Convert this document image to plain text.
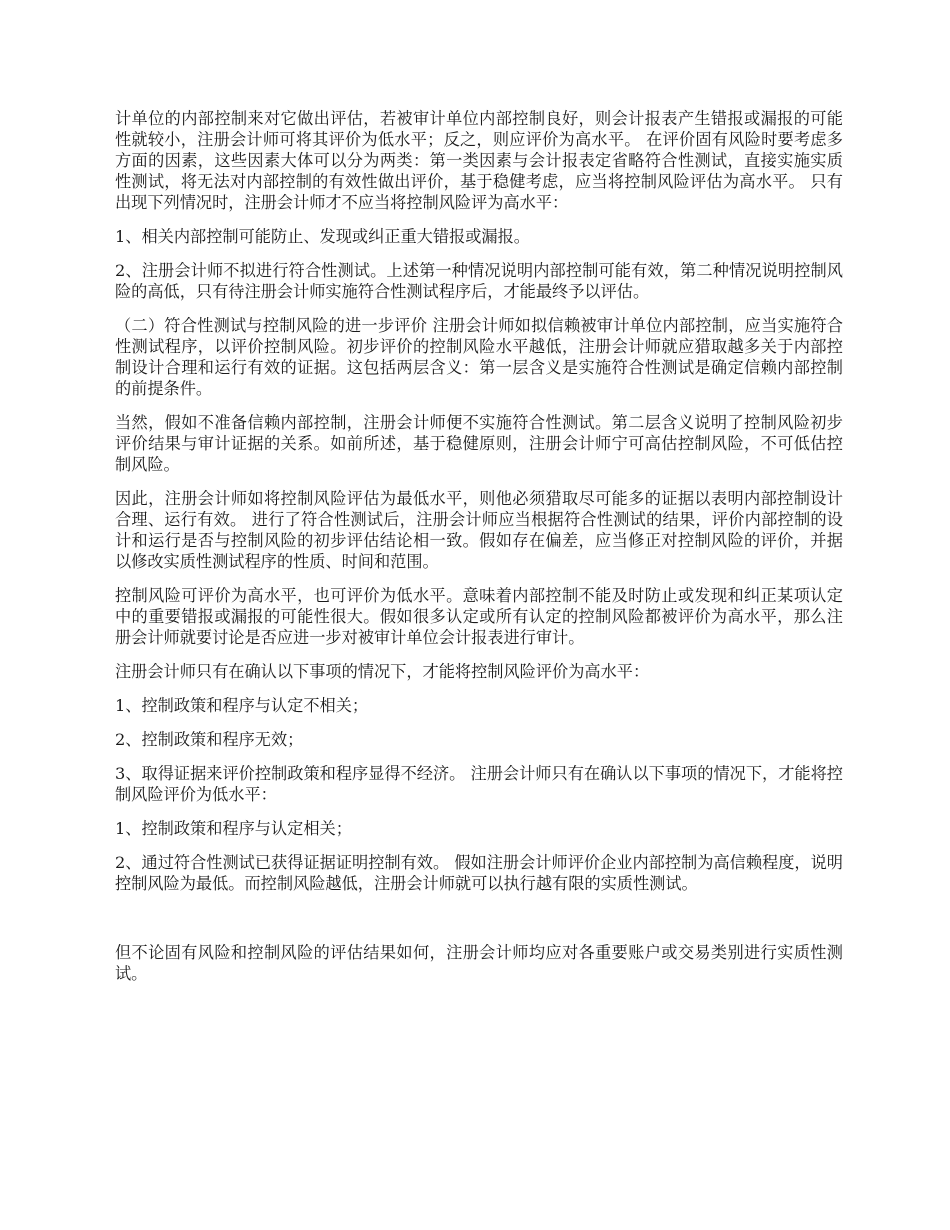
计单位的内部控制来对它做出评估，若被审计单位内部控制良好，则会计报表产生错报或漏报的可能性就较小，注册会计师可将其评价为低水平；反之，则应评价为高水平。 在评价固有风险时要考虑多方面的因素，这些因素大体可以分为两类：第一类因素与会计报表定省略符合性测试，直接实施实质性测试，将无法对内部控制的有效性做出评价，基于稳健考虑，应当将控制风险评估为高水平。 只有出现下列情况时，注册会计师才不应当将控制风险评为高水平：

1、相关内部控制可能防止、发现或纠正重大错报或漏报。

2、注册会计师不拟进行符合性测试。上述第一种情况说明内部控制可能有效，第二种情况说明控制风险的高低，只有待注册会计师实施符合性测试程序后，才能最终予以评估。

（二）符合性测试与控制风险的进一步评价 注册会计师如拟信赖被审计单位内部控制，应当实施符合性测试程序，以评价控制风险。初步评价的控制风险水平越低，注册会计师就应猎取越多关于内部控制设计合理和运行有效的证据。这包括两层含义：第一层含义是实施符合性测试是确定信赖内部控制的前提条件。

当然，假如不准备信赖内部控制，注册会计师便不实施符合性测试。第二层含义说明了控制风险初步评价结果与审计证据的关系。如前所述，基于稳健原则，注册会计师宁可高估控制风险，不可低估控制风险。

因此，注册会计师如将控制风险评估为最低水平，则他必须猎取尽可能多的证据以表明内部控制设计合理、运行有效。 进行了符合性测试后，注册会计师应当根据符合性测试的结果，评价内部控制的设计和运行是否与控制风险的初步评估结论相一致。假如存在偏差，应当修正对控制风险的评价，并据以修改实质性测试程序的性质、时间和范围。

控制风险可评价为高水平，也可评价为低水平。意味着内部控制不能及时防止或发现和纠正某项认定中的重要错报或漏报的可能性很大。假如很多认定或所有认定的控制风险都被评价为高水平，那么注册会计师就要讨论是否应进一步对被审计单位会计报表进行审计。

注册会计师只有在确认以下事项的情况下，才能将控制风险评价为高水平：

1、控制政策和程序与认定不相关；

2、控制政策和程序无效；

3、取得证据来评价控制政策和程序显得不经济。 注册会计师只有在确认以下事项的情况下，才能将控制风险评价为低水平：

1、控制政策和程序与认定相关；

2、通过符合性测试已获得证据证明控制有效。 假如注册会计师评价企业内部控制为高信赖程度，说明控制风险为最低。而控制风险越低，注册会计师就可以执行越有限的实质性测试。

但不论固有风险和控制风险的评估结果如何，注册会计师均应对各重要账户或交易类别进行实质性测试。
